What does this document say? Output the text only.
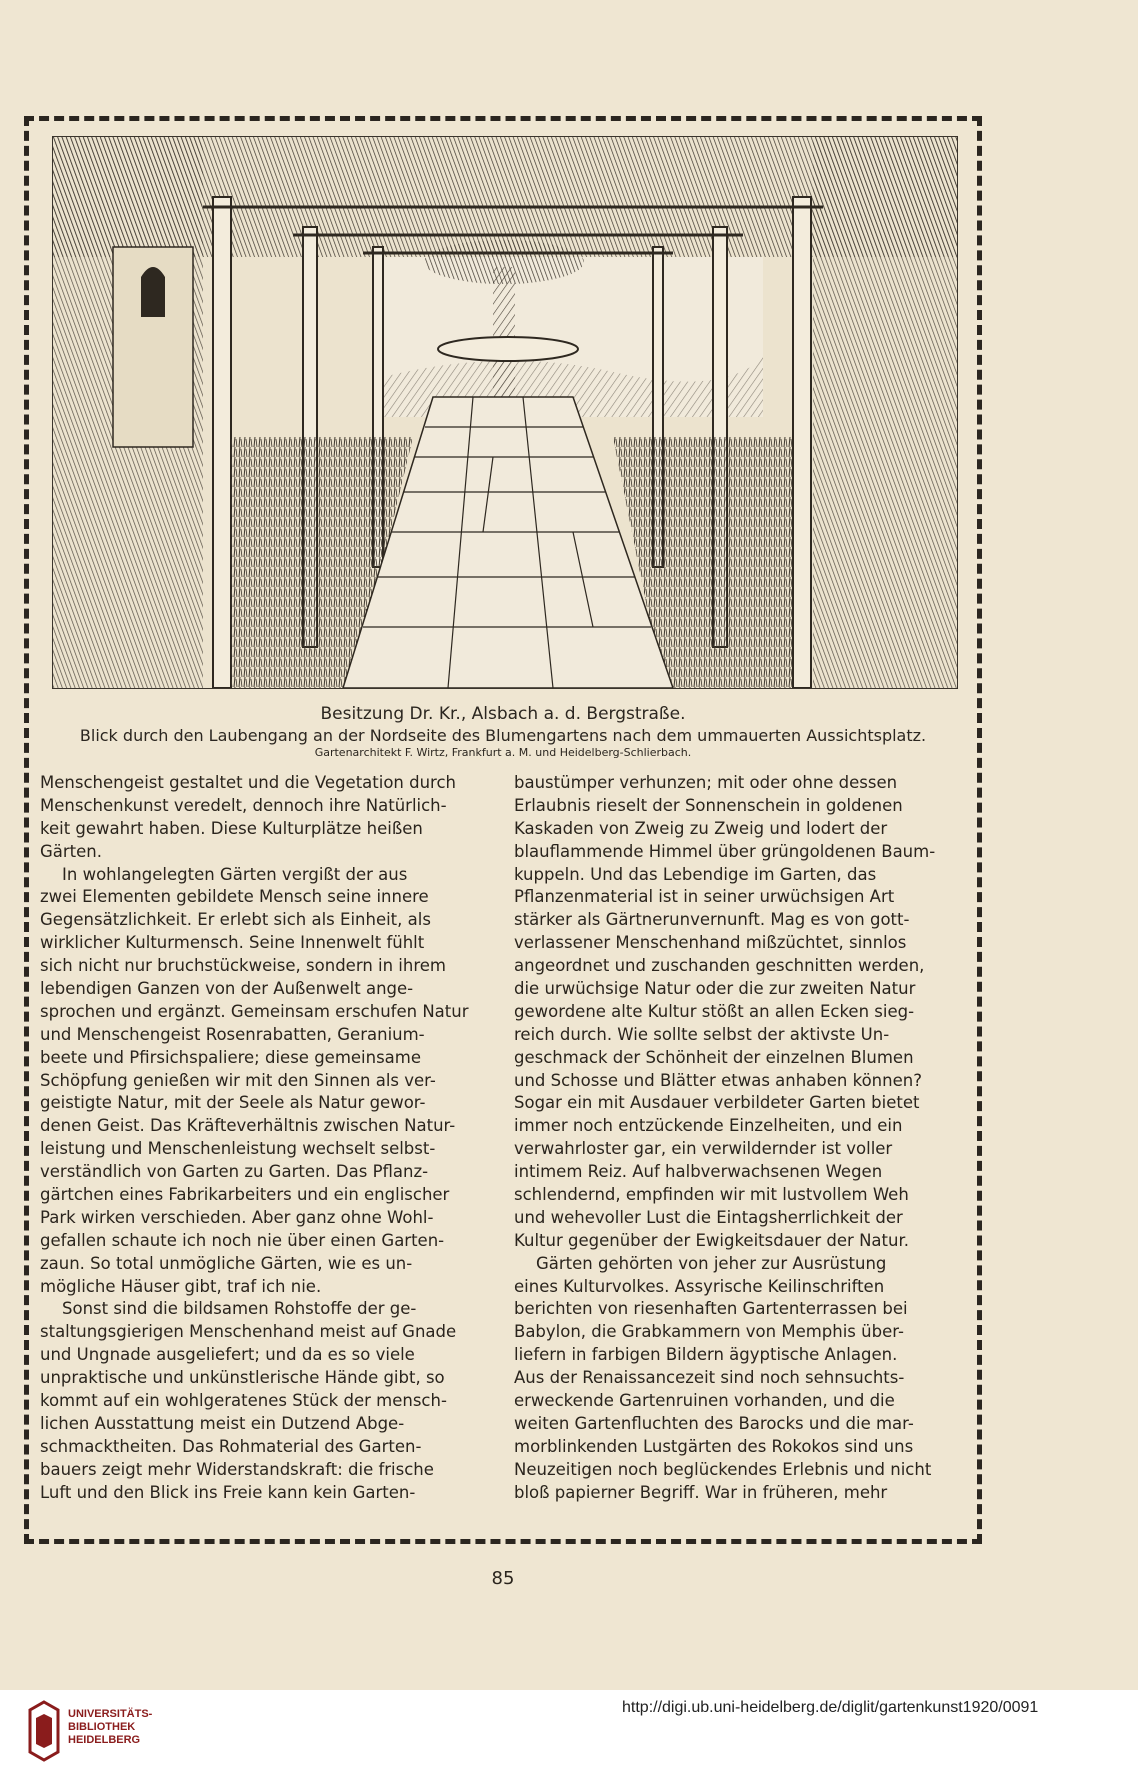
Besitzung Dr. Kr., Alsbach a. d. Bergstraße.
Blick durch den Laubengang an der Nordseite des Blumengartens nach dem ummauerten Aussichtsplatz.
Gartenarchitekt F. Wirtz, Frankfurt a. M. und Heidelberg-Schlierbach.
Menschengeist gestaltet und die Vegetation durch
Menschenkunst veredelt, dennoch ihre Natürlich-
keit gewahrt haben. Diese Kulturplätze heißen
Gärten.
In wohlangelegten Gärten vergißt der aus
zwei Elementen gebildete Mensch seine innere
Gegensätzlichkeit. Er erlebt sich als Einheit, als
wirklicher Kulturmensch. Seine Innenwelt fühlt
sich nicht nur bruchstückweise, sondern in ihrem
lebendigen Ganzen von der Außenwelt ange-
sprochen und ergänzt. Gemeinsam erschufen Natur
und Menschengeist Rosenrabatten, Geranium-
beete und Pfirsichspaliere; diese gemeinsame
Schöpfung genießen wir mit den Sinnen als ver-
geistigte Natur, mit der Seele als Natur gewor-
denen Geist. Das Kräfteverhältnis zwischen Natur-
leistung und Menschenleistung wechselt selbst-
verständlich von Garten zu Garten. Das Pflanz-
gärtchen eines Fabrikarbeiters und ein englischer
Park wirken verschieden. Aber ganz ohne Wohl-
gefallen schaute ich noch nie über einen Garten-
zaun. So total unmögliche Gärten, wie es un-
mögliche Häuser gibt, traf ich nie.
Sonst sind die bildsamen Rohstoffe der ge-
staltungsgierigen Menschenhand meist auf Gnade
und Ungnade ausgeliefert; und da es so viele
unpraktische und unkünstlerische Hände gibt, so
kommt auf ein wohlgeratenes Stück der mensch-
lichen Ausstattung meist ein Dutzend Abge-
schmacktheiten. Das Rohmaterial des Garten-
bauers zeigt mehr Widerstandskraft: die frische
Luft und den Blick ins Freie kann kein Garten-
baustümper verhunzen; mit oder ohne dessen
Erlaubnis rieselt der Sonnenschein in goldenen
Kaskaden von Zweig zu Zweig und lodert der
blauflammende Himmel über grüngoldenen Baum-
kuppeln. Und das Lebendige im Garten, das
Pflanzenmaterial ist in seiner urwüchsigen Art
stärker als Gärtnerunvernunft. Mag es von gott-
verlassener Menschenhand mißzüchtet, sinnlos
angeordnet und zuschanden geschnitten werden,
die urwüchsige Natur oder die zur zweiten Natur
gewordene alte Kultur stößt an allen Ecken sieg-
reich durch. Wie sollte selbst der aktivste Un-
geschmack der Schönheit der einzelnen Blumen
und Schosse und Blätter etwas anhaben können?
Sogar ein mit Ausdauer verbildeter Garten bietet
immer noch entzückende Einzelheiten, und ein
verwahrloster gar, ein verwildernder ist voller
intimem Reiz. Auf halbverwachsenen Wegen
schlendernd, empfinden wir mit lustvollem Weh
und wehevoller Lust die Eintagsherrlichkeit der
Kultur gegenüber der Ewigkeitsdauer der Natur.
Gärten gehörten von jeher zur Ausrüstung
eines Kulturvolkes. Assyrische Keilinschriften
berichten von riesenhaften Gartenterrassen bei
Babylon, die Grabkammern von Memphis über-
liefern in farbigen Bildern ägyptische Anlagen.
Aus der Renaissancezeit sind noch sehnsuchts-
erweckende Gartenruinen vorhanden, und die
weiten Gartenfluchten des Barocks und die mar-
morblinkenden Lustgärten des Rokokos sind uns
Neuzeitigen noch beglückendes Erlebnis und nicht
bloß papierner Begriff. War in früheren, mehr
85
UNIVERSITÄTS-
BIBLIOTHEK
HEIDELBERG
http://digi.ub.uni-heidelberg.de/diglit/gartenkunst1920/0091
